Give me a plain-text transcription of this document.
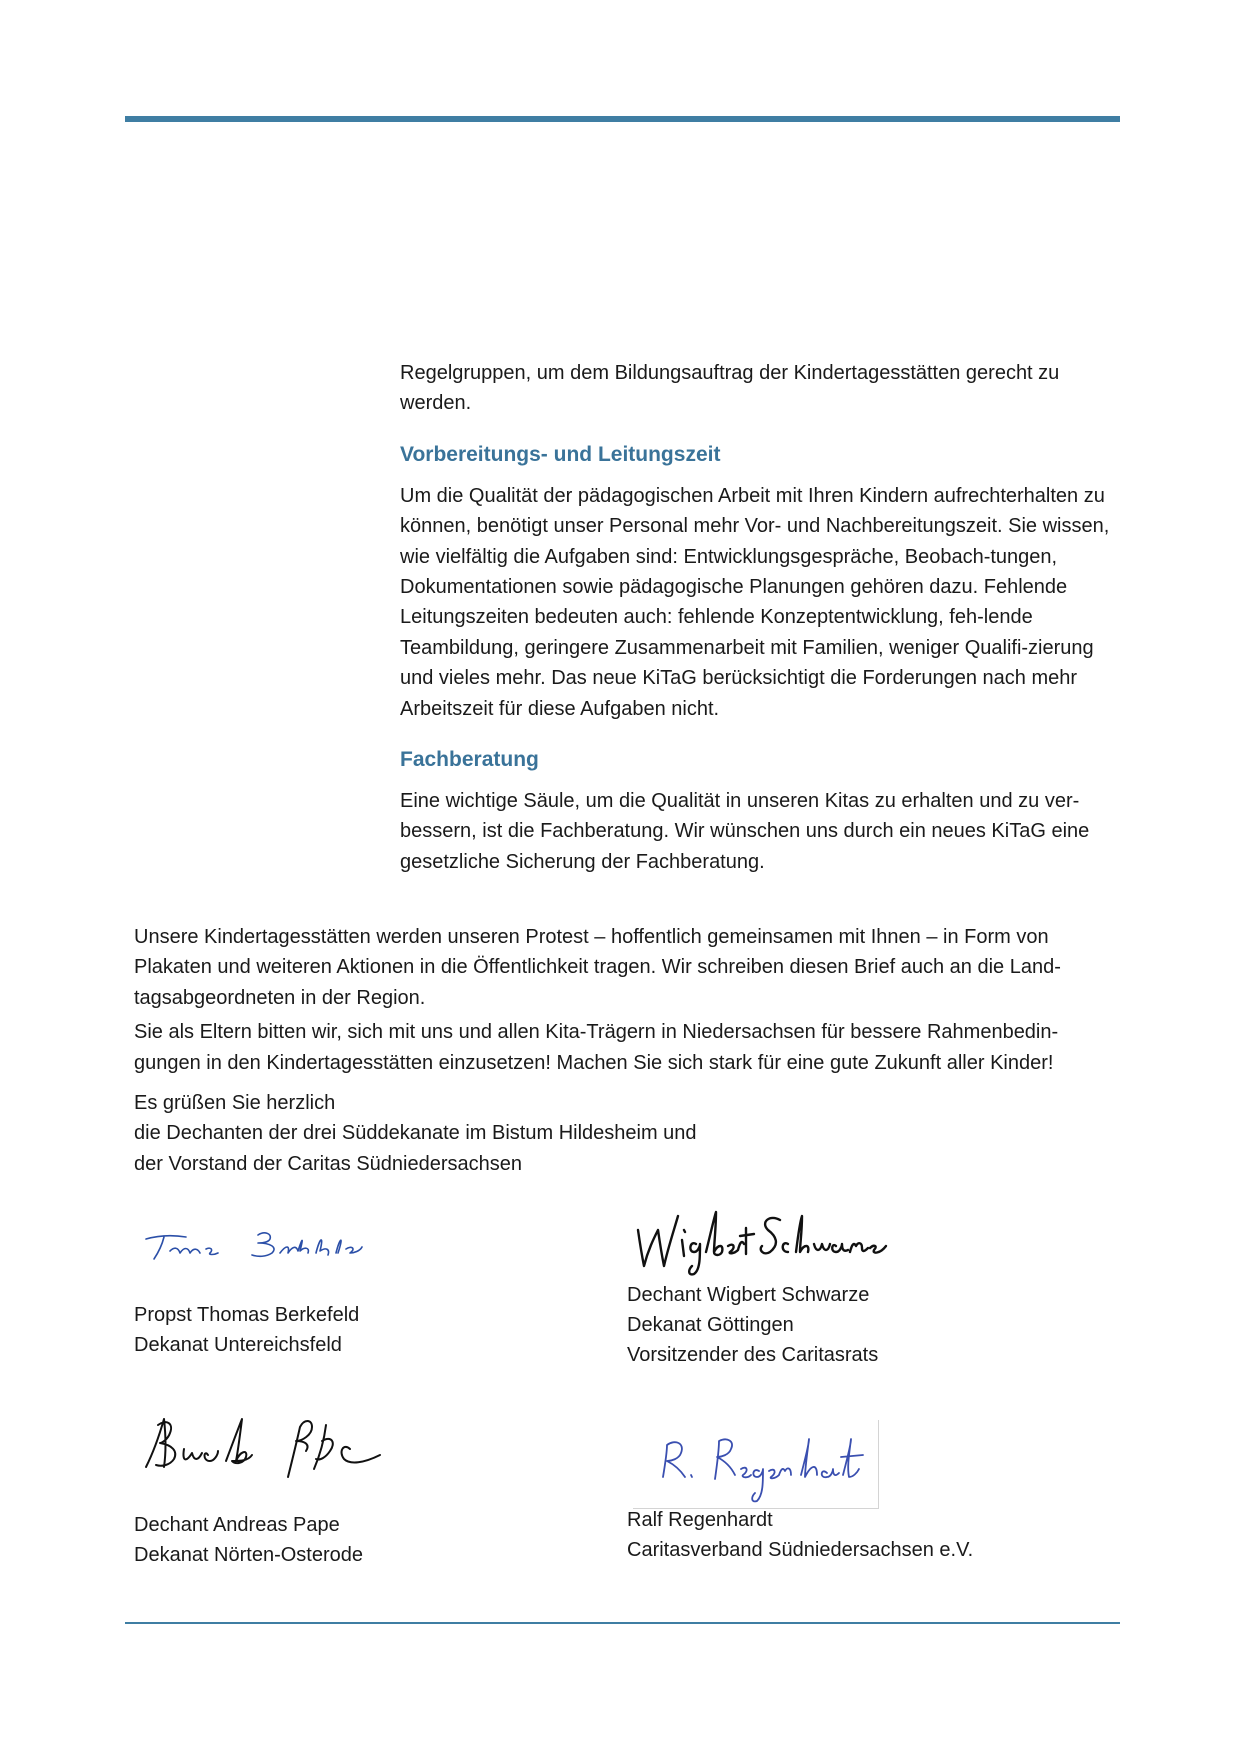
Regelgruppen, um dem Bildungsauftrag der Kindertagesstätten gerecht zu werden.

Vorbereitungs- und Leitungszeit

Um die Qualität der pädagogischen Arbeit mit Ihren Kindern aufrechterhalten zu können, benötigt unser Personal mehr Vor- und Nachbereitungszeit. Sie wissen, wie vielfältig die Aufgaben sind: Entwicklungsgespräche, Beobach-tungen, Dokumentationen sowie pädagogische Planungen gehören dazu. Fehlende Leitungszeiten bedeuten auch: fehlende Konzeptentwicklung, feh-lende Teambildung, geringere Zusammenarbeit mit Familien, weniger Qualifi-zierung und vieles mehr. Das neue KiTaG berücksichtigt die Forderungen nach mehr Arbeitszeit für diese Aufgaben nicht.

Fachberatung

Eine wichtige Säule, um die Qualität in unseren Kitas zu erhalten und zu ver-bessern, ist die Fachberatung. Wir wünschen uns durch ein neues KiTaG eine gesetzliche Sicherung der Fachberatung.

Unsere Kindertagesstätten werden unseren Protest – hoffentlich gemeinsamen mit Ihnen – in Form von Plakaten und weiteren Aktionen in die Öffentlichkeit tragen. Wir schreiben diesen Brief auch an die Land-tagsabgeordneten in der Region.

Sie als Eltern bitten wir, sich mit uns und allen Kita-Trägern in Niedersachsen für bessere Rahmenbedin-gungen in den Kindertagesstätten einzusetzen! Machen Sie sich stark für eine gute Zukunft aller Kinder!

Es grüßen Sie herzlich

die Dechanten der drei Süddekanate im Bistum Hildesheim und

der Vorstand der Caritas Südniedersachsen

Propst Thomas Berkefeld
Dekanat Untereichsfeld
Dechant Wigbert Schwarze
Dekanat Göttingen
Vorsitzender des Caritasrats
Dechant Andreas Pape
Dekanat Nörten-Osterode
Ralf Regenhardt
Caritasverband Südniedersachsen e.V.
